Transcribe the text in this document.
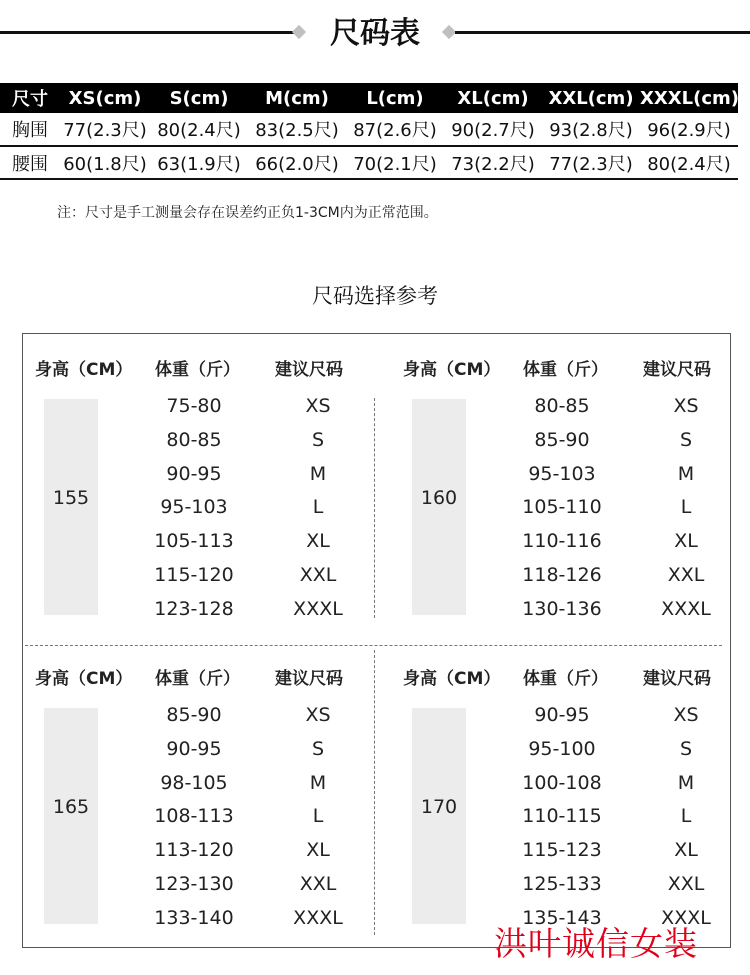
尺码表
尺寸	XS(cm)	S(cm)	M(cm)	L(cm)	XL(cm)	XXL(cm)	XXXL(cm)
胸围	77(2.3尺)	80(2.4尺)	83(2.5尺)	87(2.6尺)	90(2.7尺)	93(2.8尺)	96(2.9尺)
腰围	60(1.8尺)	63(1.9尺)	66(2.0尺)	70(2.1尺)	73(2.2尺)	77(2.3尺)	80(2.4尺)
注：尺寸是手工测量会存在误差约正负1-3CM内为正常范围。
尺码选择参考
身高（CM） 体重（斤） 建议尺码
155
75-80	XS
80-85	S
90-95	M
95-103	L
105-113	XL
115-120	XXL
123-128	XXXL
身高（CM） 体重（斤） 建议尺码
160
80-85	XS
85-90	S
95-103	M
105-110	L
110-116	XL
118-126	XXL
130-136	XXXL
身高（CM） 体重（斤） 建议尺码
165
85-90	XS
90-95	S
98-105	M
108-113	L
113-120	XL
123-130	XXL
133-140	XXXL
身高（CM） 体重（斤） 建议尺码
170
90-95	XS
95-100	S
100-108	M
110-115	L
115-123	XL
125-133	XXL
135-143	XXXL
洪叶诚信女装
